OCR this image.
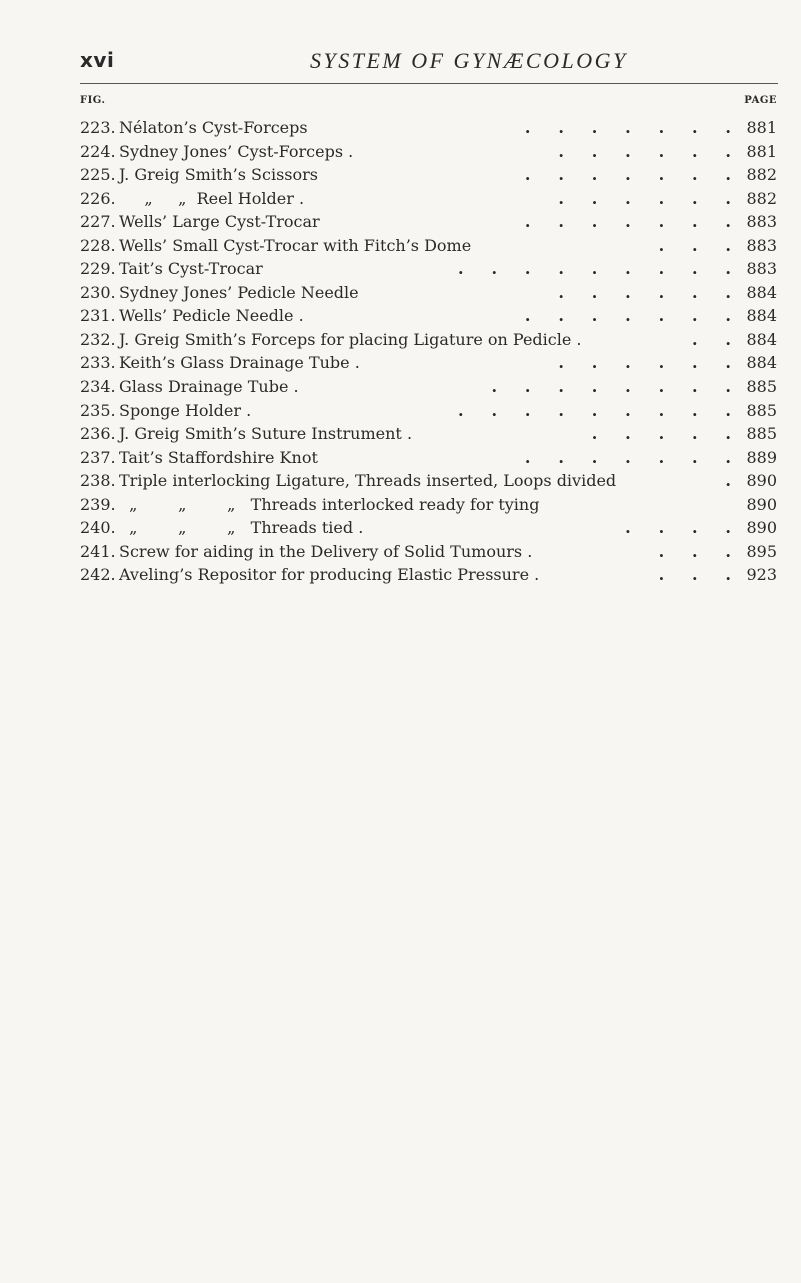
xvi	SYSTEM OF GYNÆCOLOGY
FIG.	PAGE
223. Nélaton’s Cyst-Forceps	.     .     .     .     .     .     . 881
224. Sydney Jones’ Cyst-Forceps .	.     .     .     .     .     . 881
225. J. Greig Smith’s Scissors	.     .     .     .     .     .     . 882
226. „     „  Reel Holder .	.     .     .     .     .     . 882
227. Wells’ Large Cyst-Trocar	.     .     .     .     .     .     . 883
228. Wells’ Small Cyst-Trocar with Fitch’s Dome	.     .     . 883
229. Tait’s Cyst-Trocar	.     .     .     .     .     .     .     .     . 883
230. Sydney Jones’ Pedicle Needle	.     .     .     .     .     . 884
231. Wells’ Pedicle Needle .	.     .     .     .     .     .     . 884
232. J. Greig Smith’s Forceps for placing Ligature on Pedicle .	.     . 884
233. Keith’s Glass Drainage Tube .	.     .     .     .     .     . 884
234. Glass Drainage Tube .	.     .     .     .     .     .     .     . 885
235. Sponge Holder .	.     .     .     .     .     .     .     .     . 885
236. J. Greig Smith’s Suture Instrument .	.     .     .     .     . 885
237. Tait’s Staffordshire Knot	.     .     .     .     .     .     . 889
238. Triple interlocking Ligature, Threads inserted, Loops divided	. 890
239. „        „        „   Threads interlocked ready for tying	890
240. „        „        „   Threads tied .	.     .     .     . 890
241. Screw for aiding in the Delivery of Solid Tumours .	.     .     . 895
242. Aveling’s Repositor for producing Elastic Pressure .	.     .     . 923
